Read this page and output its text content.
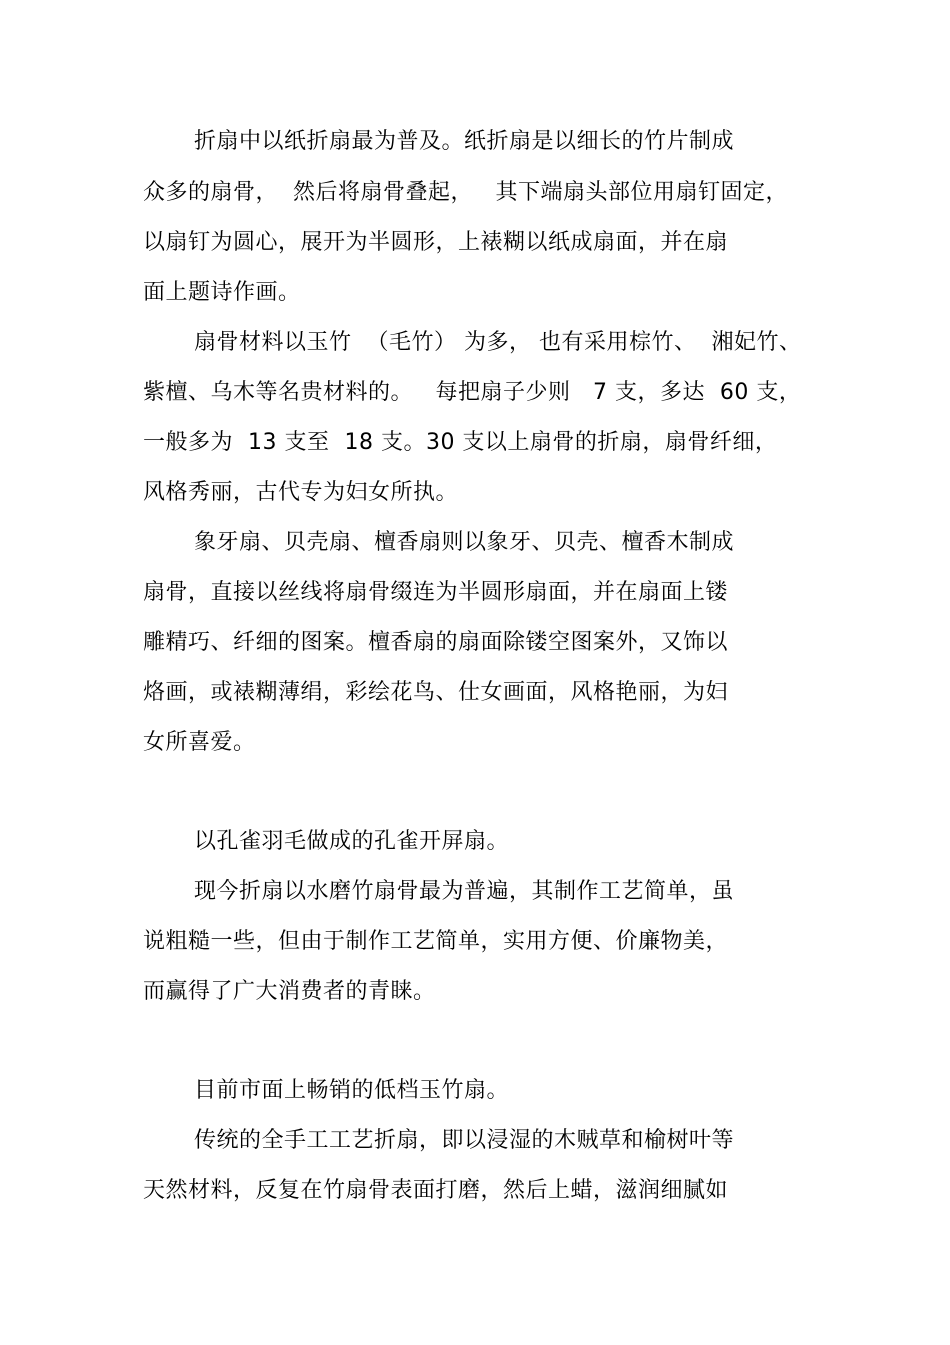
折扇中以纸折扇最为普及。纸折扇是以细长的竹片制成
众多的扇骨，  然后将扇骨叠起，   其下端扇头部位用扇钉固定，
以扇钉为圆心，展开为半圆形，上裱糊以纸成扇面，并在扇
面上题诗作画。
扇骨材料以玉竹  （毛竹） 为多， 也有采用棕竹、  湘妃竹、
紫檀、乌木等名贵材料的。   每把扇子少则   7 支，多达  60 支，
一般多为  13 支至  18 支。30 支以上扇骨的折扇，扇骨纤细，
风格秀丽，古代专为妇女所执。
象牙扇、贝壳扇、檀香扇则以象牙、贝壳、檀香木制成
扇骨，直接以丝线将扇骨缀连为半圆形扇面，并在扇面上镂
雕精巧、纤细的图案。檀香扇的扇面除镂空图案外，又饰以
烙画，或裱糊薄绢，彩绘花鸟、仕女画面，风格艳丽，为妇
女所喜爱。
以孔雀羽毛做成的孔雀开屏扇。
现今折扇以水磨竹扇骨最为普遍，其制作工艺简单，虽
说粗糙一些，但由于制作工艺简单，实用方便、价廉物美，
而赢得了广大消费者的青睐。
目前市面上畅销的低档玉竹扇。
传统的全手工工艺折扇，即以浸湿的木贼草和榆树叶等
天然材料，反复在竹扇骨表面打磨，然后上蜡，滋润细腻如
